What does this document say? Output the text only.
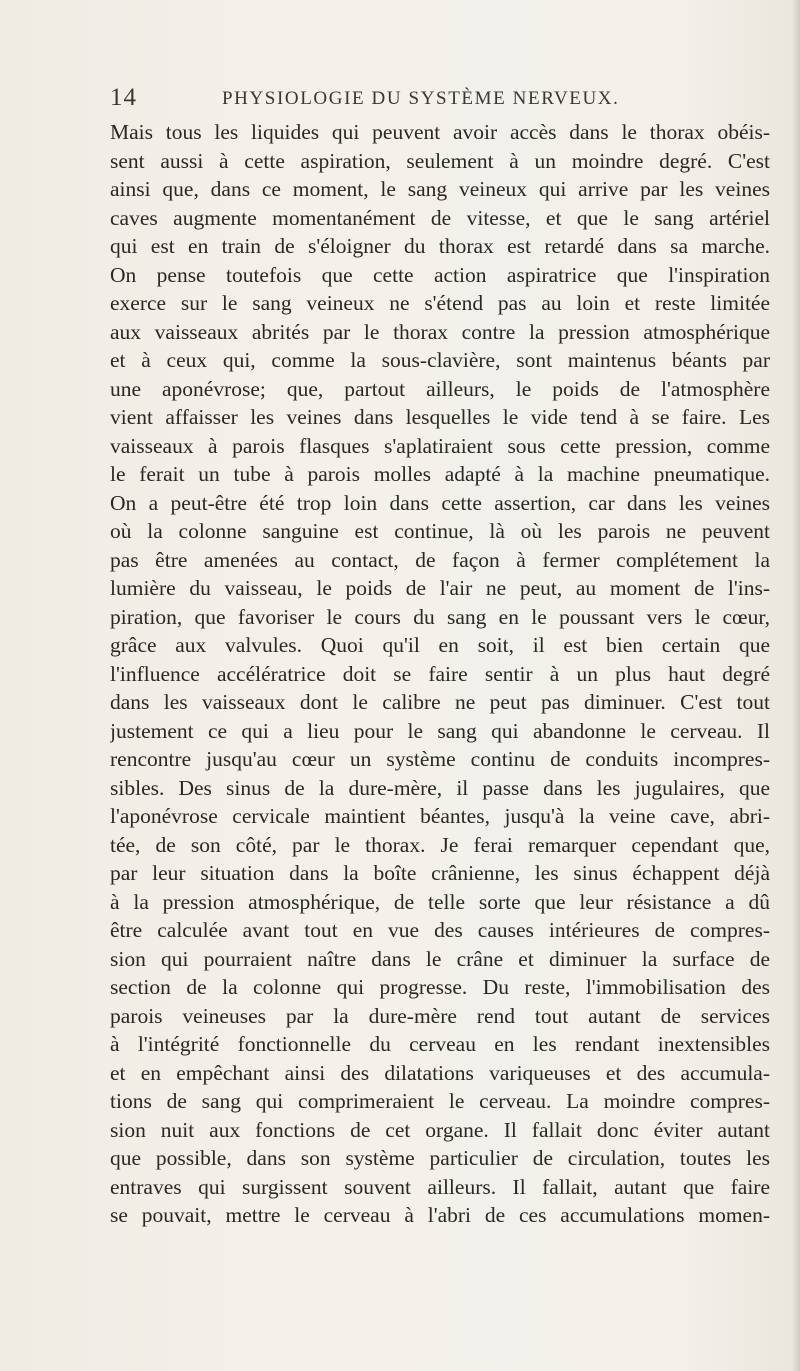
14	PHYSIOLOGIE DU SYSTÈME NERVEUX.
Mais tous les liquides qui peuvent avoir accès dans le thorax obéis-
sent aussi à cette aspiration, seulement à un moindre degré. C'est
ainsi que, dans ce moment, le sang veineux qui arrive par les veines
caves augmente momentanément de vitesse, et que le sang artériel
qui est en train de s'éloigner du thorax est retardé dans sa marche.
On pense toutefois que cette action aspiratrice que l'inspiration
exerce sur le sang veineux ne s'étend pas au loin et reste limitée
aux vaisseaux abrités par le thorax contre la pression atmosphérique
et à ceux qui, comme la sous-clavière, sont maintenus béants par
une aponévrose; que, partout ailleurs, le poids de l'atmosphère
vient affaisser les veines dans lesquelles le vide tend à se faire. Les
vaisseaux à parois flasques s'aplatiraient sous cette pression, comme
le ferait un tube à parois molles adapté à la machine pneumatique.
On a peut-être été trop loin dans cette assertion, car dans les veines
où la colonne sanguine est continue, là où les parois ne peuvent
pas être amenées au contact, de façon à fermer complétement la
lumière du vaisseau, le poids de l'air ne peut, au moment de l'ins-
piration, que favoriser le cours du sang en le poussant vers le cœur,
grâce aux valvules. Quoi qu'il en soit, il est bien certain que
l'influence accélératrice doit se faire sentir à un plus haut degré
dans les vaisseaux dont le calibre ne peut pas diminuer. C'est tout
justement ce qui a lieu pour le sang qui abandonne le cerveau. Il
rencontre jusqu'au cœur un système continu de conduits incompres-
sibles. Des sinus de la dure-mère, il passe dans les jugulaires, que
l'aponévrose cervicale maintient béantes, jusqu'à la veine cave, abri-
tée, de son côté, par le thorax. Je ferai remarquer cependant que,
par leur situation dans la boîte crânienne, les sinus échappent déjà
à la pression atmosphérique, de telle sorte que leur résistance a dû
être calculée avant tout en vue des causes intérieures de compres-
sion qui pourraient naître dans le crâne et diminuer la surface de
section de la colonne qui progresse. Du reste, l'immobilisation des
parois veineuses par la dure-mère rend tout autant de services
à l'intégrité fonctionnelle du cerveau en les rendant inextensibles
et en empêchant ainsi des dilatations variqueuses et des accumula-
tions de sang qui comprimeraient le cerveau. La moindre compres-
sion nuit aux fonctions de cet organe. Il fallait donc éviter autant
que possible, dans son système particulier de circulation, toutes les
entraves qui surgissent souvent ailleurs. Il fallait, autant que faire
se pouvait, mettre le cerveau à l'abri de ces accumulations momen-
